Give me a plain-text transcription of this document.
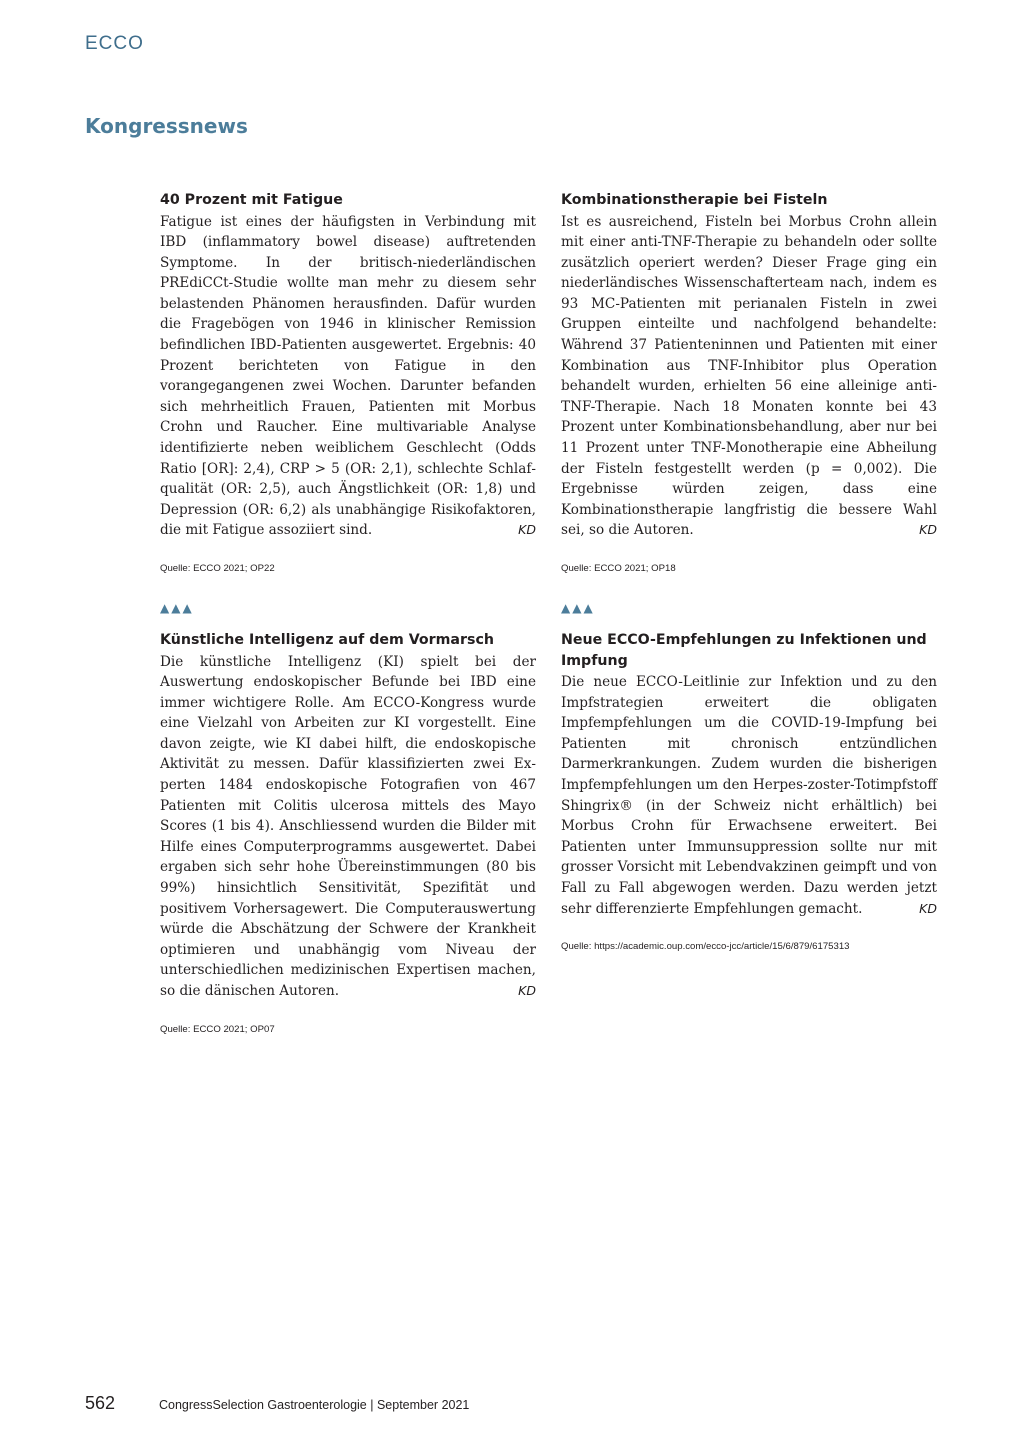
ECCO
Kongressnews
40 Prozent mit Fatigue

Fatigue ist eines der häufigsten in Verbindung mit IBD (inflammatory bowel disease) auftretenden Symptome. In der britisch-niederländischen PREdiCCt-Studie wollte man mehr zu diesem sehr belastenden Phänomen herausfinden. Dafür wurden die Fragebögen von 1946 in klinischer Remission befindlichen IBD-Patienten ausgewertet. Ergebnis: 40 Prozent berichteten von Fatigue in den vorangegangenen zwei Wochen. Darunter befanden sich mehrheitlich Frauen, Patienten mit Morbus Crohn und Raucher. Eine multivariable Analyse identifizierte neben weiblichem Geschlecht (Odds Ratio [OR]: 2,4), CRP > 5 (OR: 2,1), schlechte Schlafqualität (OR: 2,5), auch Ängstlichkeit (OR: 1,8) und Depression (OR: 6,2) als unabhängige Risikofaktoren, die mit Fatigue assoziiert sind.	KD

Quelle: ECCO 2021; OP22

▲▲▲
Künstliche Intelligenz auf dem Vormarsch

Die künstliche Intelligenz (KI) spielt bei der Auswertung endoskopischer Befunde bei IBD eine immer wichtigere Rolle. Am ECCO-Kongress wurde eine Vielzahl von Arbeiten zur KI vorgestellt. Eine davon zeigte, wie KI dabei hilft, die endoskopische Aktivität zu messen. Dafür klassifizierten zwei Experten 1484 endoskopische Fotografien von 467 Patienten mit Colitis ulcerosa mittels des Mayo Scores (1 bis 4). Anschliessend wurden die Bilder mit Hilfe eines Computerprogramms ausgewertet. Dabei ergaben sich sehr hohe Übereinstimmungen (80 bis 99%) hinsichtlich Sensitivität, Spezifität und positivem Vorhersagewert. Die Computerauswertung würde die Abschätzung der Schwere der Krankheit optimieren und unabhängig vom Niveau der unterschiedlichen medizinischen Expertisen machen, so die dänischen Autoren.	KD

Quelle: ECCO 2021; OP07

Kombinationstherapie bei Fisteln

Ist es ausreichend, Fisteln bei Morbus Crohn allein mit einer anti-TNF-Therapie zu behandeln oder sollte zusätzlich operiert werden? Dieser Frage ging ein niederländisches Wissenschafterteam nach, indem es 93 MC-Patienten mit perianalen Fisteln in zwei Gruppen einteilte und nachfolgend behandelte: Während 37 Patienteninnen und Patienten mit einer Kombination aus TNF-Inhibitor plus Operation behandelt wurden, erhielten 56 eine alleinige anti-TNF-Therapie. Nach 18 Monaten konnte bei 43 Prozent unter Kombinationsbehandlung, aber nur bei 11 Prozent unter TNF-Monotherapie eine Abheilung der Fisteln festgestellt werden (p = 0,002). Die Ergebnisse würden zeigen, dass eine Kombinationstherapie langfristig die bessere Wahl sei, so die Autoren.	KD

Quelle: ECCO 2021; OP18

▲▲▲
Neue ECCO-Empfehlungen zu Infektionen und Impfung

Die neue ECCO-Leitlinie zur Infektion und zu den Impfstrategien erweitert die obligaten Impfempfehlungen um die COVID-19-Impfung bei Patienten mit chronisch entzündlichen Darmerkrankungen. Zudem wurden die bisherigen Impfempfehlungen um den Herpes-zoster-Totimpfstoff Shingrix® (in der Schweiz nicht erhältlich) bei Morbus Crohn für Erwachsene erweitert. Bei Patienten unter Immunsuppression sollte nur mit grosser Vorsicht mit Lebendvakzinen geimpft und von Fall zu Fall abgewogen werden. Dazu werden jetzt sehr differenzierte Empfehlungen gemacht.	KD

Quelle: https://academic.oup.com/ecco-jcc/article/15/6/879/6175313

562	CongressSelection Gastroenterologie | September 2021
